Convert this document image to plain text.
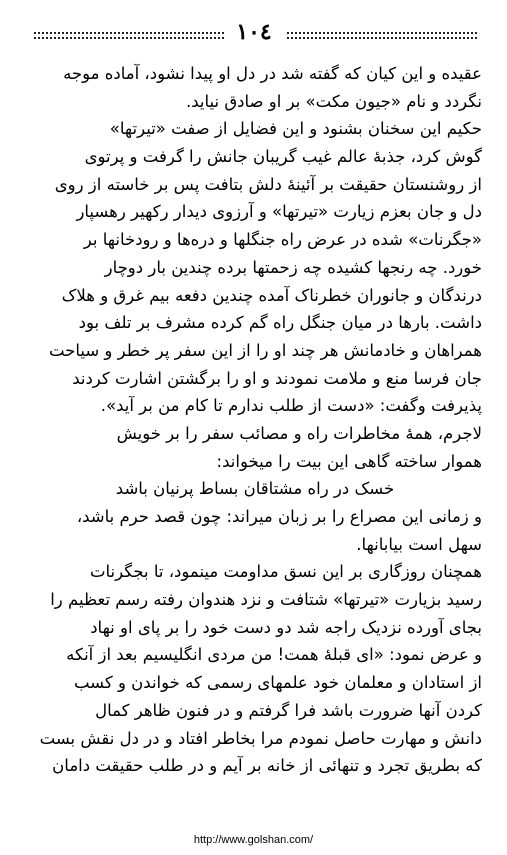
١٠٤
عقیده و این کیان که گفته شد در دل او پیدا نشود، آماده موجه
نگردد و نام «جیون مکت» بر او صادق نیاید.
حکیم این سخنان بشنود و این فضایل از صفت «تیرتها»
گوش کرد، جذبهٔ عالم غیب گریبان جانش را گرفت و پرتوی
از روشنستان حقیقت بر آئینهٔ دلش بتافت پس بر خاسته از روی
دل و جان بعزم زیارت «تیرتها» و آرزوی دیدار رکهیر رهسپار
«جگرنات» شده در عرض راه جنگلها و دره‌ها و رودخانها بر
خورد. چه رنجها کشیده چه زحمتها برده چندین بار دوچار
درندگان و جانوران خطرناک آمده چندین دفعه بیم غرق و هلاک
داشت. بارها در میان جنگل راه گم کرده مشرف بر تلف بود
همراهان و خادمانش هر چند او را از این سفر پر خطر و سیاحت
جان فرسا منع و ملامت نمودند و او را بر‌گشتن اشارت کردند
پذیرفت وگفت: «دست از طلب ندارم تا کام من بر آید».
لاجرم، همهٔ مخاطرات راه و مصائب سفر را بر خویش
هموار ساخته گاهی این بیت را میخواند:
خسک در راه مشتاقان بساط پرنیان باشد
و زمانی این مصراع را بر زبان میراند: چون قصد حرم باشد،
سهل است بیابانها.
همچنان روزگاری بر این نسق مداومت مینمود، تا بجگرنات
رسید بزیارت «تیرتها» شتافت و نزد هندوان رفته رسم تعظیم را
بجای آورده نزدیک راجه شد دو دست خود را بر پای او نهاد
و عرض نمود: «ای قبلهٔ همت! من مردی انگلیسیم بعد از آنکه
از استادان و معلمان خود علمهای رسمی که خواندن و کسب
کردن آنها ضرورت باشد فرا گرفتم و در فنون ظاهر کمال
دانش و مهارت حاصل نمودم مرا بخاطر افتاد و در دل نقش بست
که بطریق تجرد و تنهائی از خانه بر آیم و در طلب حقیقت دامان
http://www.golshan.com/
